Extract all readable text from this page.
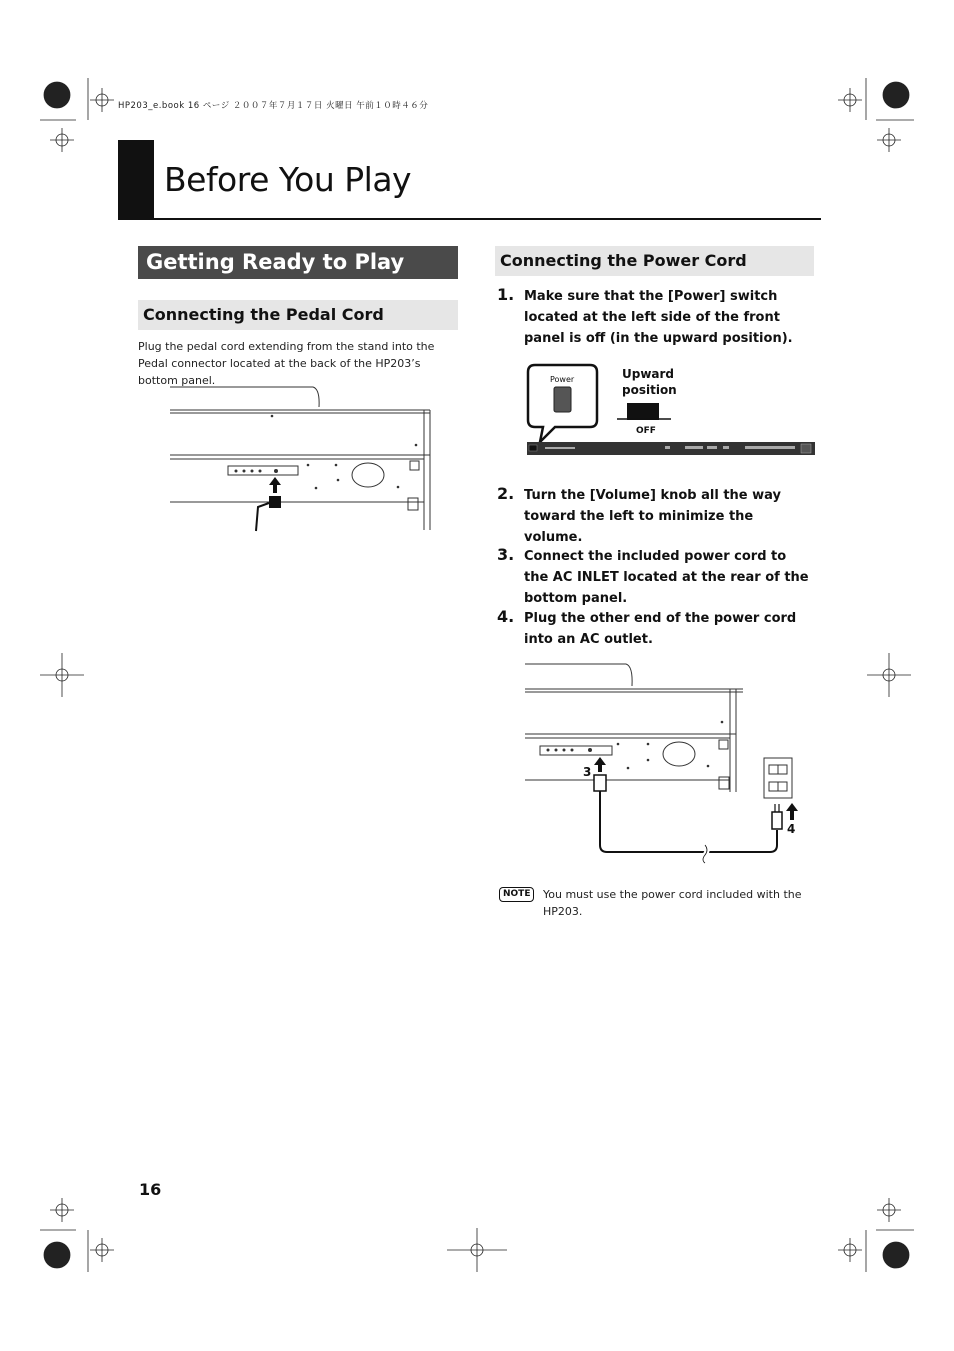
HP203_e.book 16 ページ ２００７年７月１７日 火曜日 午前１０時４６分
Before You Play
Getting Ready to Play
Connecting the Pedal Cord
Plug the pedal cord extending from the stand into the Pedal connector located at the back of the HP203’s bottom panel.
Connecting the Power Cord
1. Make sure that the [Power] switch located at the left side of the front panel is off (in the upward position).
Power	Upward
position
OFF
2. Turn the [Volume] knob all the way toward the left to minimize the volume.
3. Connect the included power cord to the AC INLET located at the rear of the bottom panel.
4. Plug the other end of the power cord into an AC outlet.
3
4
NOTE	You must use the power cord included with the HP203.
16
